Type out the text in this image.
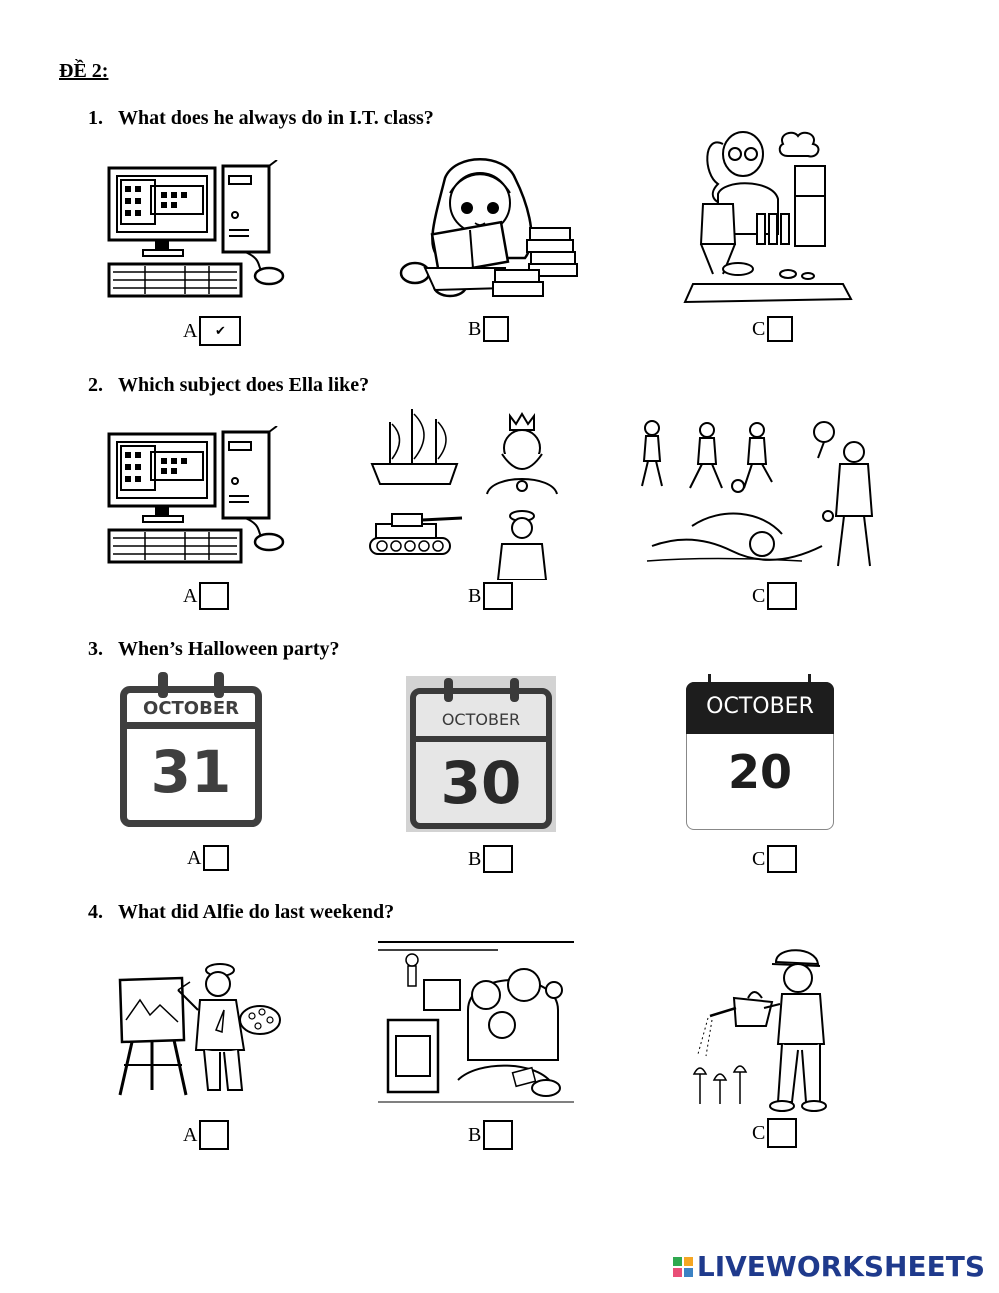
ĐỀ 2:
1. What does he always do in I.T. class?
A	✔	B	C
2. Which subject does Ella like?
A	B	C
3. When’s Halloween party?
OCTOBER
31
A
OCTOBER
30
B
OCTOBER
20
C
4. What did Alfie do last weekend?
A	B	C
LIVEWORKSHEETS
